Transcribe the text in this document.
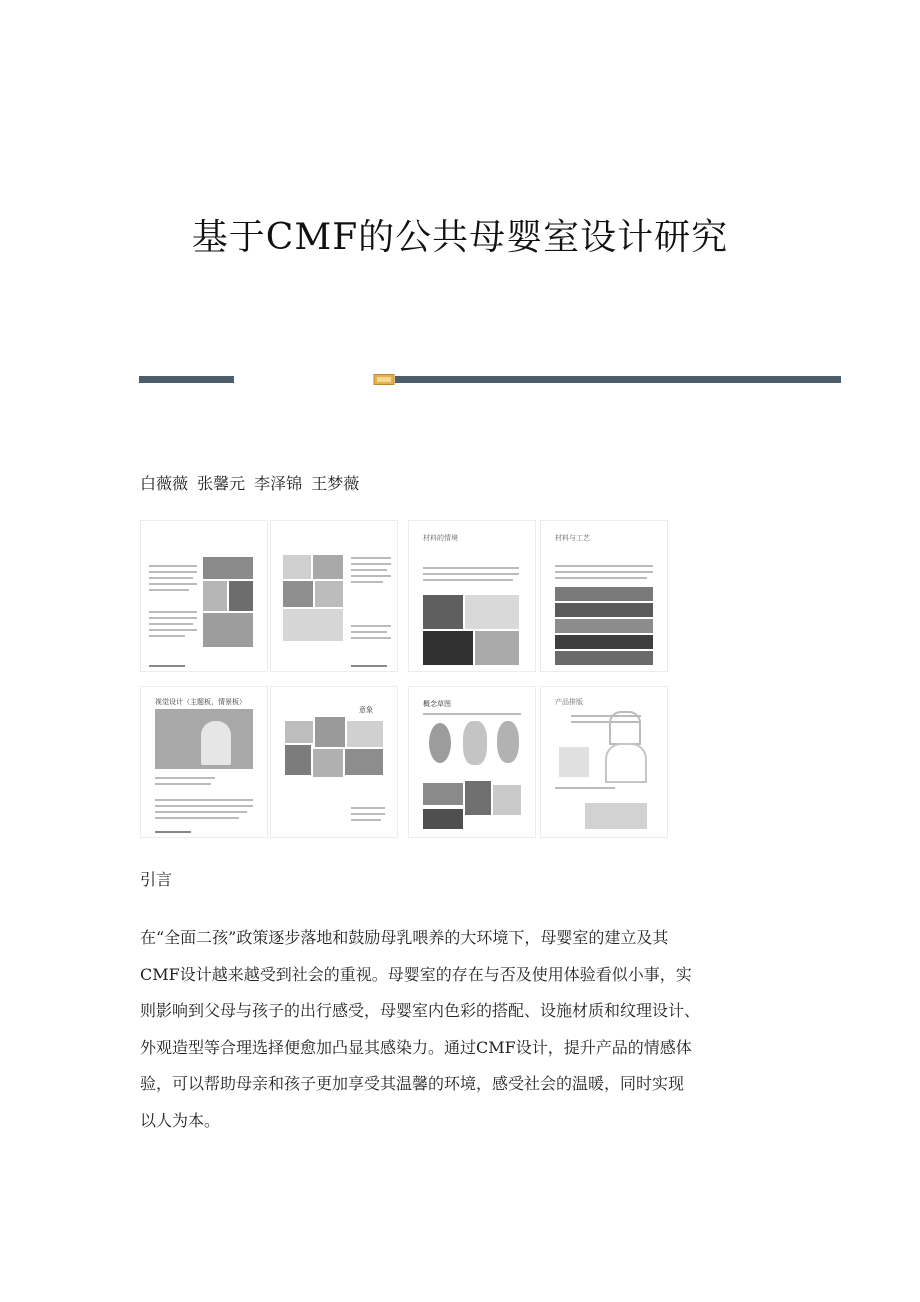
基于CMF的公共母婴室设计研究
白薇薇 张馨元 李泽锦 王梦薇
材料的情境	材料与工艺
视觉设计（主题板，情景板）
意象
概念草图	产品排版
引言

在“全面二孩”政策逐步落地和鼓励母乳喂养的大环境下，母婴室的建立及其

CMF设计越来越受到社会的重视。母婴室的存在与否及使用体验看似小事，实

则影响到父母与孩子的出行感受，母婴室内色彩的搭配、设施材质和纹理设计、

外观造型等合理选择便愈加凸显其感染力。通过CMF设计，提升产品的情感体

验，可以帮助母亲和孩子更加享受其温馨的环境，感受社会的温暖，同时实现

以人为本。
